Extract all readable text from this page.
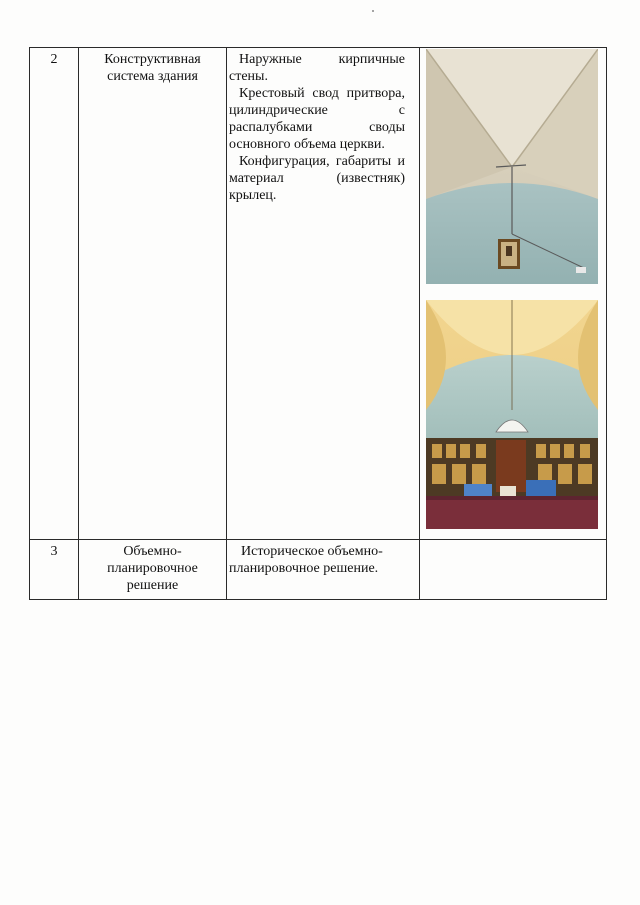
2	Конструктивная система здания	Наружные кирпичные стены.

Крестовый свод притвора, цилиндрические с распалубками своды основного объема церкви.

Конфигурация, габариты и материал (известняк) крылец.

3	Объемно-планировочное решение	Историческое объемно-планировочное решение.	
